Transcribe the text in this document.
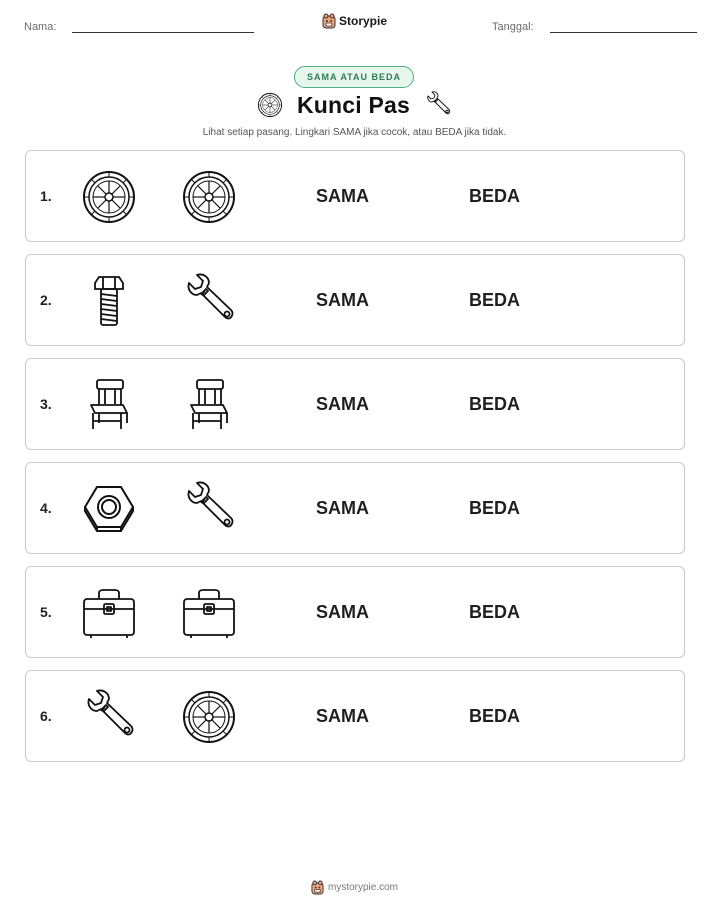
Nama:	Storypie	Tanggal:
SAMA ATAU BEDA
Kunci Pas
Lihat setiap pasang. Lingkari SAMA jika cocok, atau BEDA jika tidak.
1.	SAMA	BEDA
2.	SAMA	BEDA
3.	SAMA	BEDA
4.	SAMA	BEDA
5.	SAMA	BEDA
6.	SAMA	BEDA
mystorypie.com
